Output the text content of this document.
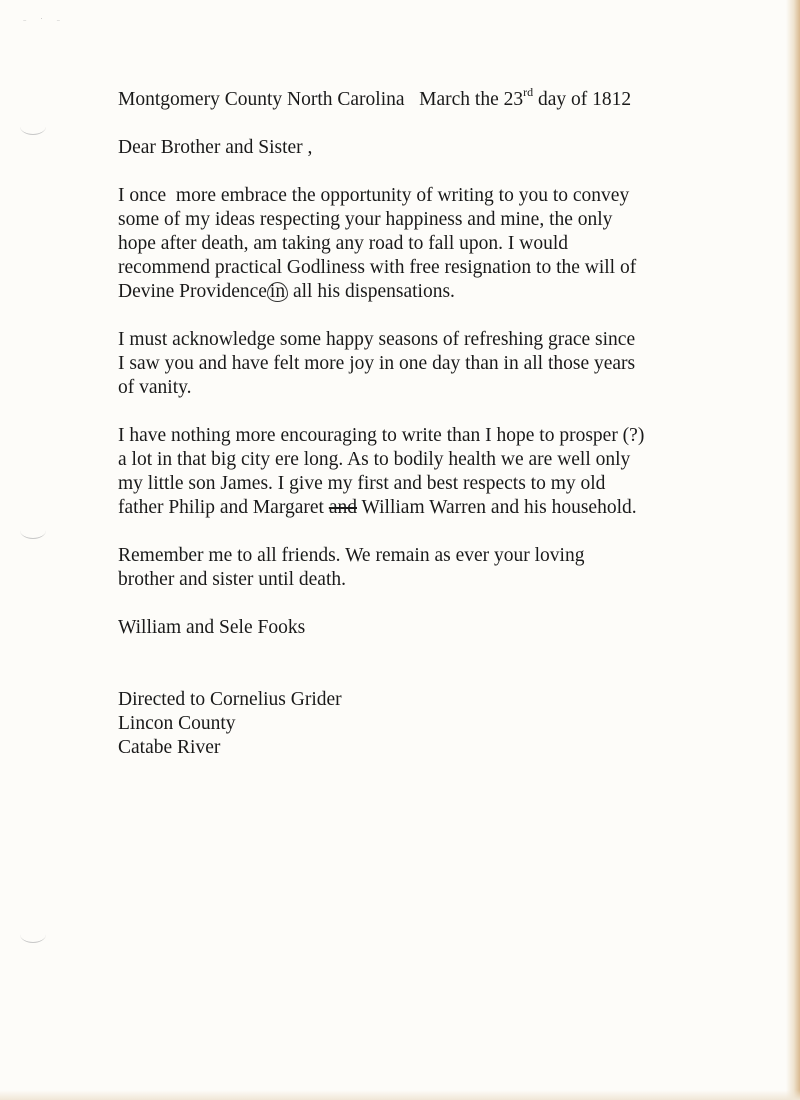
⁻ ˙ ⁻
Montgomery County North Carolina March the 23rd day of 1812
Dear Brother and Sister ,
I once  more embrace the opportunity of writing to you to convey
some of my ideas respecting your happiness and mine, the only
hope after death, am taking any road to fall upon. I would
recommend practical Godliness with free resignation to the will of
Devine Providence in all his dispensations.
I must acknowledge some happy seasons of refreshing grace since
I saw you and have felt more joy in one day than in all those years
of vanity.
I have nothing more encouraging to write than I hope to prosper (?)
a lot in that big city ere long. As to bodily health we are well only
my little son James. I give my first and best respects to my old
father Philip and Margaret and William Warren and his household.
Remember me to all friends. We remain as ever your loving
brother and sister until death.
William and Sele Fooks
Directed to Cornelius Grider
Lincon County
Catabe River
